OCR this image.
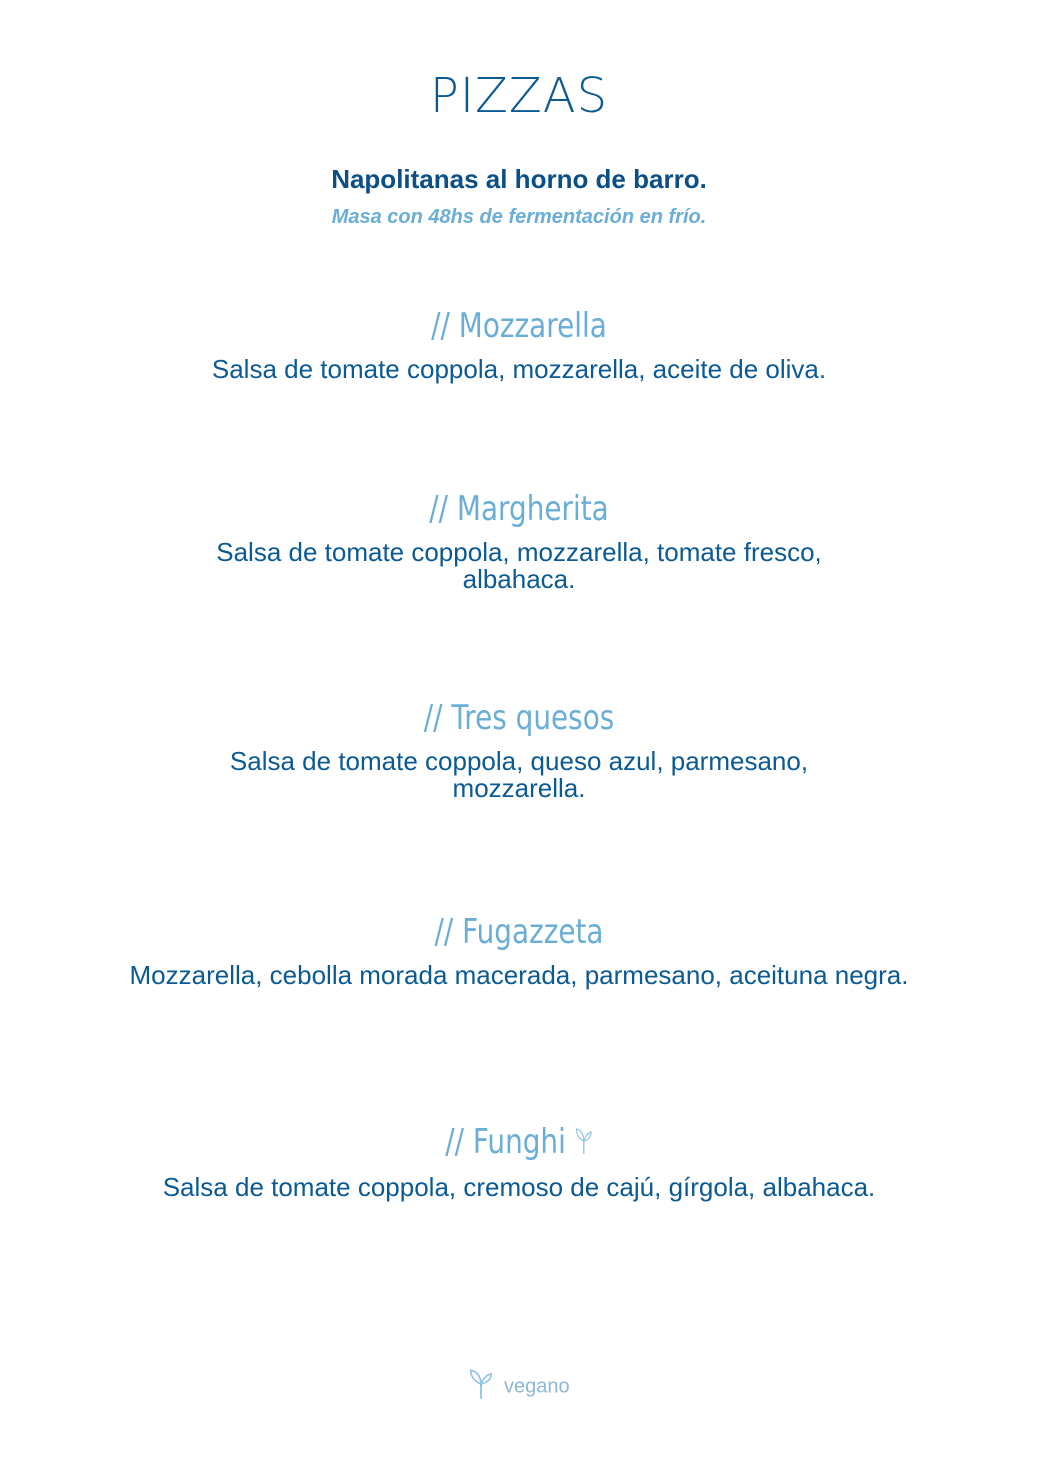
PIZZAS
Napolitanas al horno de barro.
Masa con 48hs de fermentación en frío.
// Mozzarella
Salsa de tomate coppola, mozzarella, aceite de oliva.
// Margherita
Salsa de tomate coppola, mozzarella, tomate fresco, albahaca.
// Tres quesos
Salsa de tomate coppola, queso azul, parmesano, mozzarella.
// Fugazzeta
Mozzarella, cebolla morada macerada, parmesano, aceituna negra.
// Funghi
Salsa de tomate coppola, cremoso de cajú, gírgola, albahaca.
vegano
